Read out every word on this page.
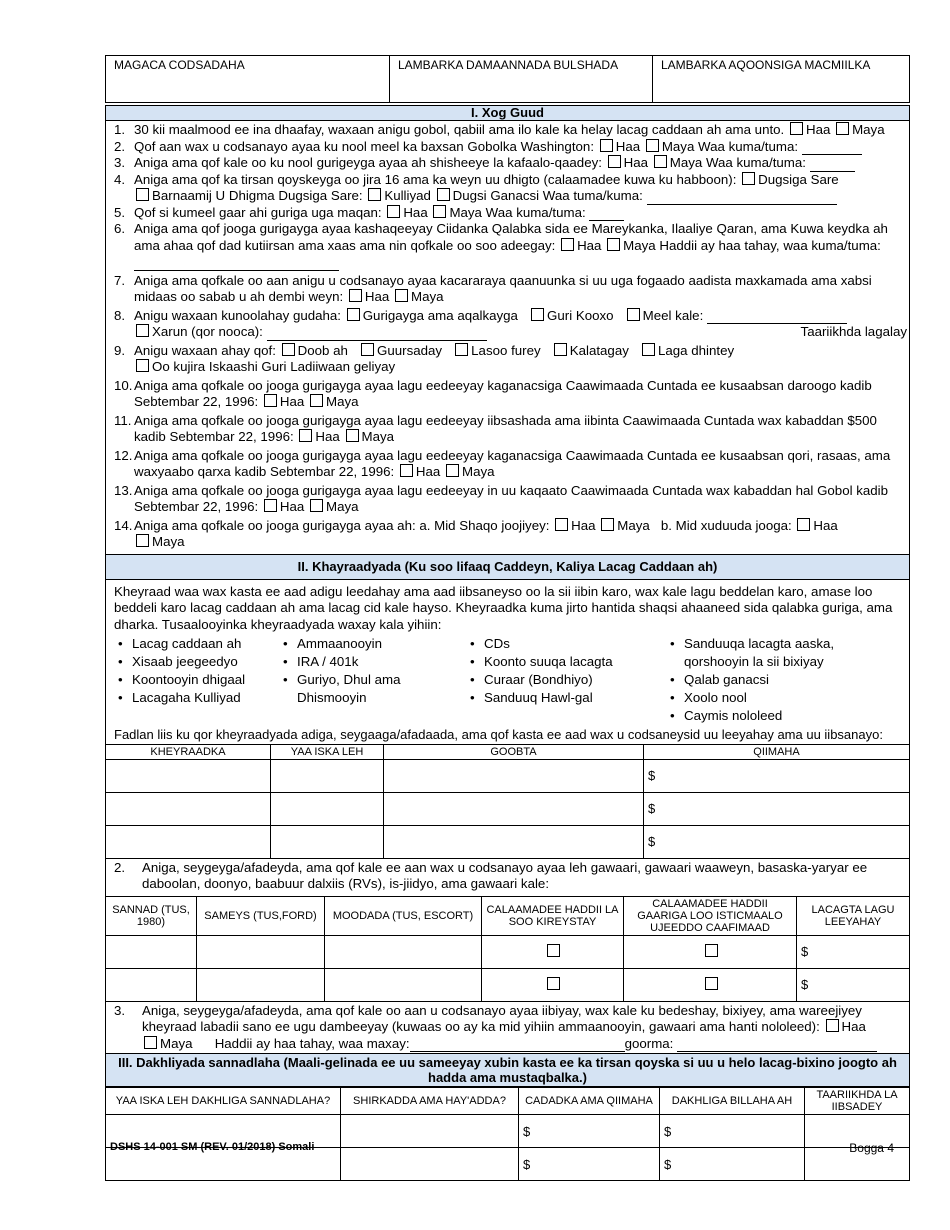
MAGACA CODSADAHA	LAMBARKA DAMAANNADA BULSHADA	LAMBARKA AQOONSIGA MACMIILKA
I. Xog Guud
1. 30 kii maalmood ee ina dhaafay, waxaan anigu gobol, qabiil ama ilo kale ka helay lacag caddaan ah ama unto. Haa Maya
2. Qof aan wax u codsanayo ayaa ku nool meel ka baxsan Gobolka Washington: Haa Maya Waa kuma/tuma:
3. Aniga ama qof kale oo ku nool gurigeyga ayaa ah shisheeye la kafaalo-qaadey: Haa Maya Waa kuma/tuma:
4. Aniga ama qof ka tirsan qoyskeyga oo jira 16 ama ka weyn uu dhigto (calaamadee kuwa ku habboon): Dugsiga Sare
Barnaamij U Dhigma Dugsiga Sare: Kulliyad Dugsi Ganacsi Waa tuma/kuma:
5. Qof si kumeel gaar ahi guriga uga maqan: Haa Maya Waa kuma/tuma:
6. Aniga ama qof jooga gurigayga ayaa kashaqeeyay Ciidanka Qalabka sida ee Mareykanka, Ilaaliye Qaran, ama Kuwa keydka ah ama ahaa qof dad kutiirsan ama xaas ama nin qofkale oo soo adeegay: Haa Maya Haddii ay haa tahay, waa kuma/tuma:
7. Aniga ama qofkale oo aan anigu u codsanayo ayaa kacararaya qaanuunka si uu uga fogaado aadista maxkamada ama xabsi midaas oo sabab u ah dembi weyn: Haa Maya
8. Anigu waxaan kunoolahay gudaha: Gurigayga ama aqalkayga Guri Kooxo Meel kale:
Xarun (qor nooca):	Taariikhda lagalay
9. Anigu waxaan ahay qof: Doob ah Guursaday Lasoo furey Kalatagay Laga dhintey
Oo kujira Iskaashi Guri Ladiiwaan geliyay
10. Aniga ama qofkale oo jooga gurigayga ayaa lagu eedeeyay kaganacsiga Caawimaada Cuntada ee kusaabsan daroogo kadib Sebtembar 22, 1996: Haa Maya
11. Aniga ama qofkale oo jooga gurigayga ayaa lagu eedeeyay iibsashada ama iibinta Caawimaada Cuntada wax kabaddan $500 kadib Sebtembar 22, 1996: Haa Maya
12. Aniga ama qofkale oo jooga gurigayga ayaa lagu eedeeyay kaganacsiga Caawimaada Cuntada ee kusaabsan qori, rasaas, ama waxyaabo qarxa kadib Sebtembar 22, 1996: Haa Maya
13. Aniga ama qofkale oo jooga gurigayga ayaa lagu eedeeyay in uu kaqaato Caawimaada Cuntada wax kabaddan hal Gobol kadib Sebtembar 22, 1996: Haa Maya
14. Aniga ama qofkale oo jooga gurigayga ayaa ah: a. Mid Shaqo joojiyey: Haa Maya b. Mid xuduuda jooga: Haa
Maya
II. Khayraadyada (Ku soo lifaaq Caddeyn, Kaliya Lacag Caddaan ah)
Kheyraad waa wax kasta ee aad adigu leedahay ama aad iibsaneyso oo la sii iibin karo, wax kale lagu beddelan karo, amase loo beddeli karo lacag caddaan ah ama lacag cid kale hayso. Kheyraadka kuma jirto hantida shaqsi ahaaneed sida qalabka guriga, ama dharka. Tusaalooyinka kheyraadyada waxay kala yihiin:
• Lacag caddaan ah
• Xisaab jeegeedyo
• Koontooyin dhigaal
• Lacagaha Kulliyad
• Ammaanooyin
• IRA / 401k
• Guriyo, Dhul ama Dhismooyin
• CDs
• Koonto suuqa lacagta
• Curaar (Bondhiyo)
• Sanduuq Hawl-gal
• Sanduuqa lacagta aaska, qorshooyin la sii bixiyay
• Qalab ganacsi
• Xoolo nool
• Caymis nololeed
Fadlan liis ku qor kheyraadyada adiga, seygaaga/afadaada, ama qof kasta ee aad wax u codsaneysid uu leeyahay ama uu iibsanayo:
KHEYRAADKA	YAA ISKA LEH	GOOBTA	QIIMAHA
			$
			$
			$
2. Aniga, seygeyga/afadeyda, ama qof kale ee aan wax u codsanayo ayaa leh gawaari, gawaari waaweyn, basaska-yaryar ee daboolan, doonyo, baabuur dalxiis (RVs), is-jiidyo, ama gawaari kale:
SANNAD (TUS, 1980)	SAMEYS (TUS,FORD)	MOODADA (TUS, ESCORT)	CALAAMADEE HADDII LA SOO KIREYSTAY	CALAAMADEE HADDII GAARIGA LOO ISTICMAALO UJEEDDO CAAFIMAAD	LACAGTA LAGU LEEYAHAY
					$
					$
3. Aniga, seygeyga/afadeyda, ama qof kale oo aan u codsanayo ayaa iibiyay, wax kale ku bedeshay, bixiyey, ama wareejiyey kheyraad labadii sano ee ugu dambeeyay (kuwaas oo ay ka mid yihiin ammaanooyin, gawaari ama hanti nololeed): Haa
Maya Haddii ay haa tahay, waa maxay:	goorma:
III. Dakhliyada sannadlaha (Maali-gelinada ee uu sameeyay xubin kasta ee ka tirsan qoyska si uu u helo lacag-bixino joogto ah hadda ama mustaqbalka.)
YAA ISKA LEH DAKHLIGA SANNADLAHA?	SHIRKADDA AMA HAY'ADDA?	CADADKA AMA QIIMAHA	DAKHLIGA BILLAHA AH	TAARIIKHDA LA IIBSADEY
		$	$	
		$	$	
DSHS 14-001 SM (REV. 01/2018) Somali	Bogga 4
